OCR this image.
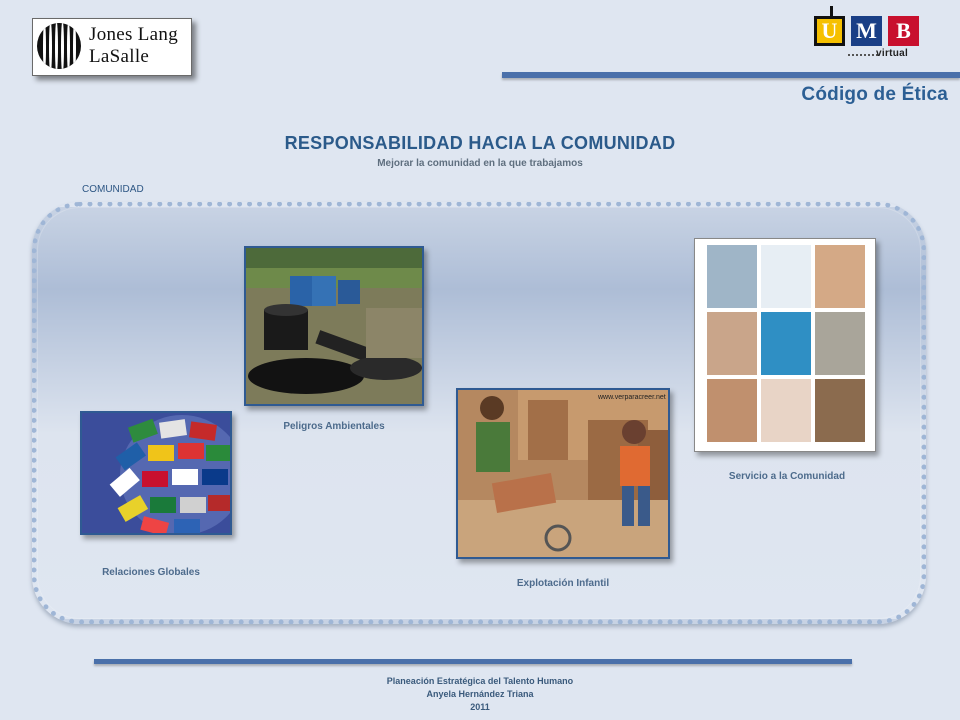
Jones Lang
LaSalle
U M B
virtual
Código de Ética
RESPONSABILIDAD HACIA LA COMUNIDAD
Mejorar la comunidad en la que trabajamos
COMUNIDAD
Relaciones Globales
Peligros Ambientales
www.verparacreer.net
Explotación Infantil
Servicio a la Comunidad
Planeación Estratégica del Talento Humano
Anyela Hernández Triana
2011
